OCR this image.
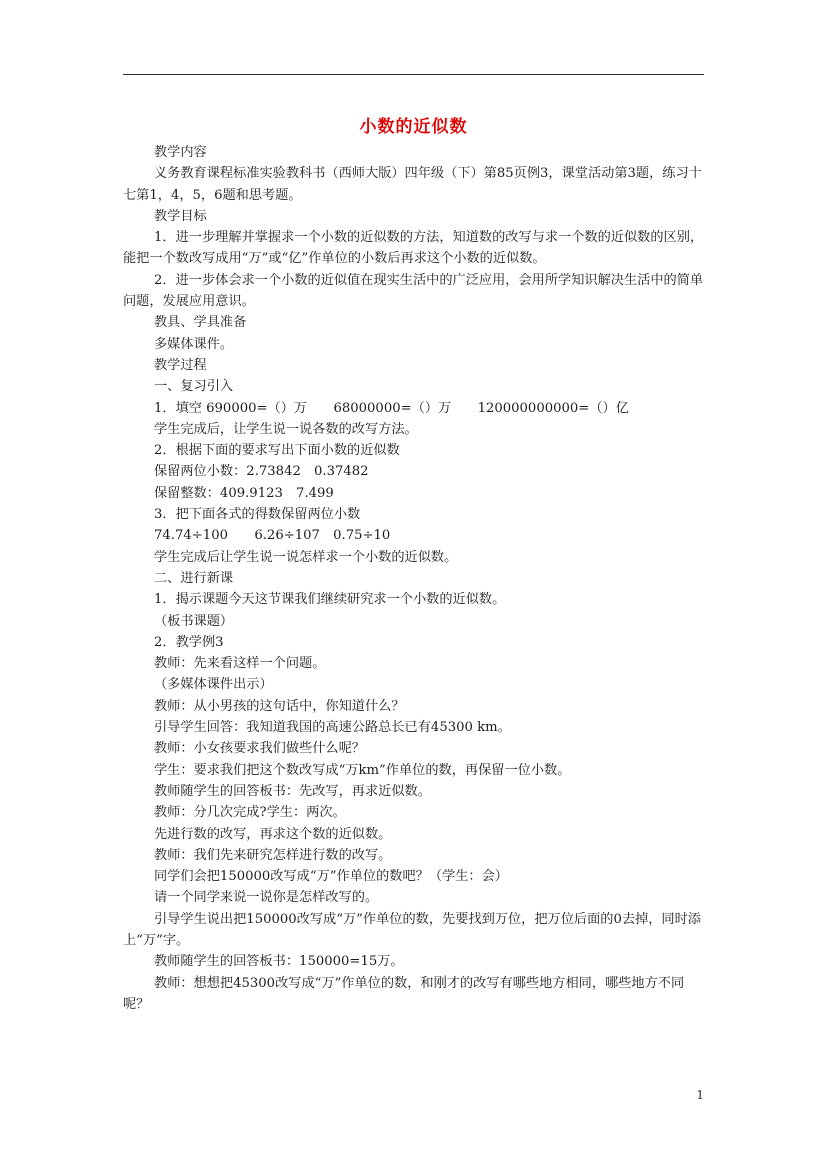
小数的近似数

教学内容

义务教育课程标准实验教科书（西师大版）四年级（下）第85页例3，课堂活动第3题，练习十七第1，4，5，6题和思考题。

教学目标

1．进一步理解并掌握求一个小数的近似数的方法，知道数的改写与求一个数的近似数的区别，能把一个数改写成用“万”或“亿”作单位的小数后再求这个小数的近似数。

2．进一步体会求一个小数的近似值在现实生活中的广泛应用，会用所学知识解决生活中的简单问题，发展应用意识。

教具、学具准备

多媒体课件。

教学过程

一、复习引入

1．填空 690000=（）万　　68000000=（）万　　120000000000=（）亿

学生完成后，让学生说一说各数的改写方法。

2．根据下面的要求写出下面小数的近似数

保留两位小数：2.73842　0.37482

保留整数：409.9123　7.499

3．把下面各式的得数保留两位小数

74.74÷100　　6.26÷107　0.75÷10

学生完成后让学生说一说怎样求一个小数的近似数。

二、进行新课

1．揭示课题今天这节课我们继续研究求一个小数的近似数。

（板书课题）

2．教学例3

教师：先来看这样一个问题。

（多媒体课件出示）

教师：从小男孩的这句话中，你知道什么？

引导学生回答：我知道我国的高速公路总长已有45300 km。

教师：小女孩要求我们做些什么呢？

学生：要求我们把这个数改写成“万km”作单位的数，再保留一位小数。

教师随学生的回答板书：先改写，再求近似数。

教师：分几次完成?学生：两次。

先进行数的改写，再求这个数的近似数。

教师：我们先来研究怎样进行数的改写。

同学们会把150000改写成“万”作单位的数吧？（学生：会）

请一个同学来说一说你是怎样改写的。

引导学生说出把150000改写成“万”作单位的数，先要找到万位，把万位后面的0去掉，同时添上“万”字。

教师随学生的回答板书：150000=15万。

教师：想想把45300改写成“万”作单位的数，和刚才的改写有哪些地方相同，哪些地方不同呢？

1
